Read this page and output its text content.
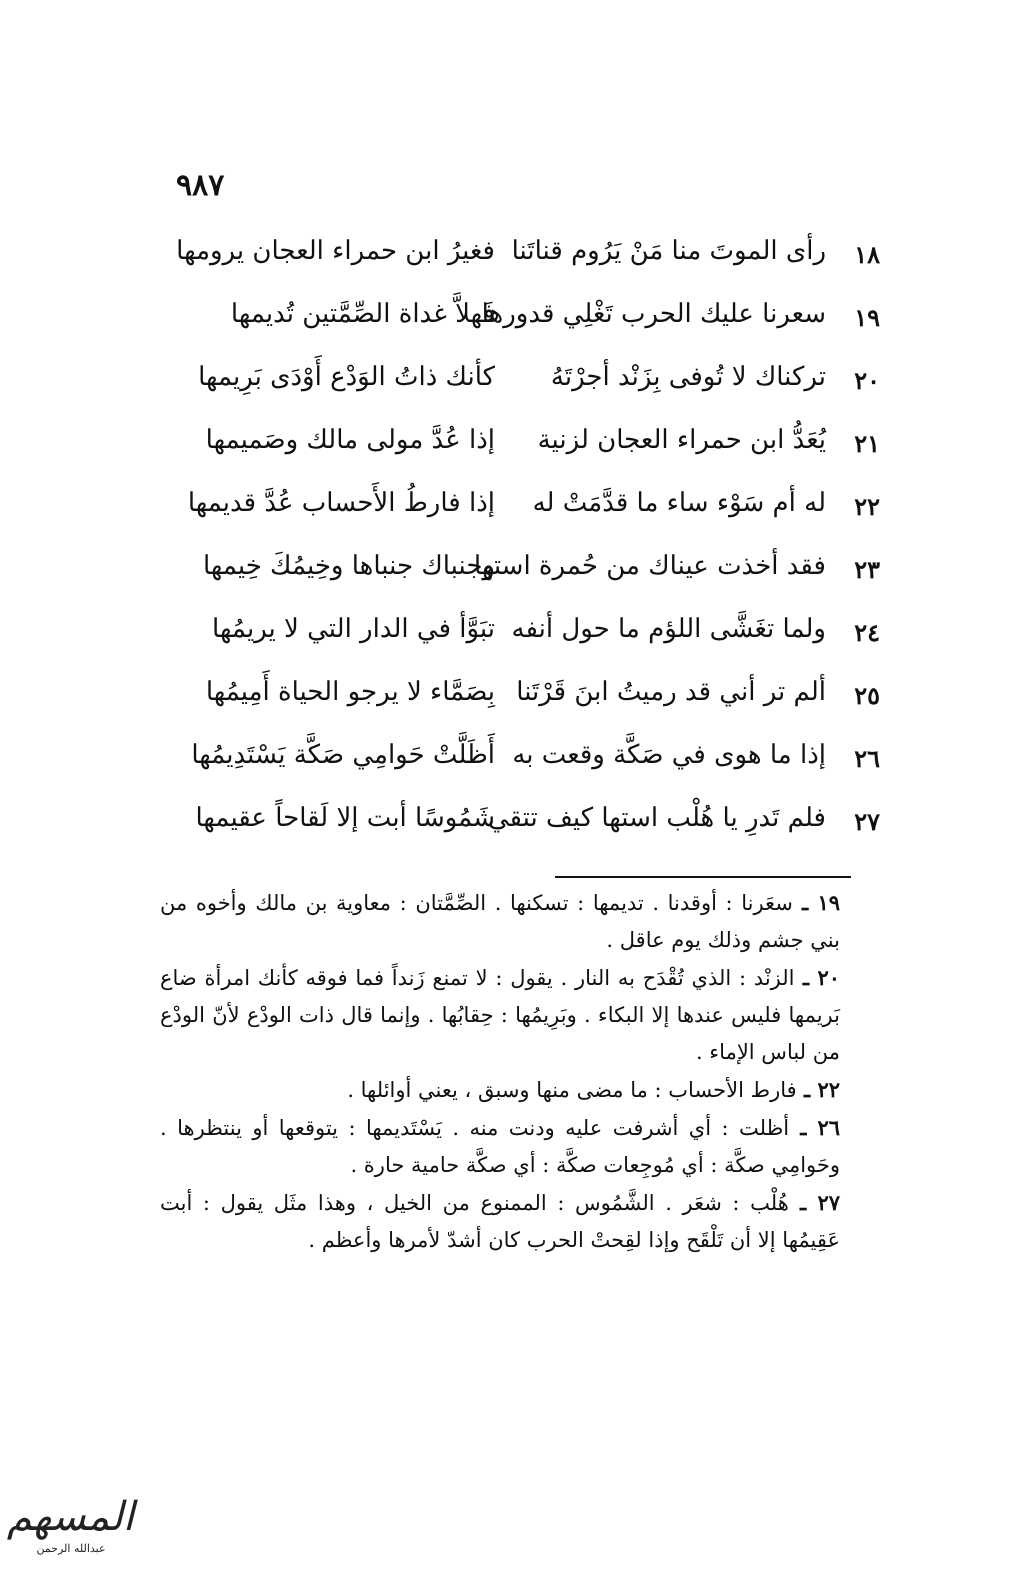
٩٨٧
١٨
رأى الموتَ منا مَنْ يَرُوم قناتَنا
فغيرُ ابن حمراء العجان يرومها
١٩
سعرنا عليك الحرب تَغْلِي قدورها
فَهلاَّ غداة الصِّمَّتين تُديمها
٢٠
تركناك لا تُوفى بِزَنْد أجرْتَهُ
كأنك ذاتُ الوَدْع أَوْدَى بَرِيمها
٢١
يُعَدُّ ابن حمراء العجان لزنية
إذا عُدَّ مولى مالك وصَميمها
٢٢
له أم سَوْء ساء ما قدَّمَتْ له
إذا فارطُ الأَحساب عُدَّ قديمها
٢٣
فقد أخذت عيناك من حُمرة استها
وجنباك جنباها وخِيمُكَ خِيمها
٢٤
ولما تغَشَّى اللؤم ما حول أنفه
تبَوَّأ في الدار التي لا يريمُها
٢٥
ألم تر أني قد رميتُ ابنَ قَرْتَنا
بِصَمَّاء لا يرجو الحياة أَمِيمُها
٢٦
إذا ما هوى في صَكَّة وقعت به
أَظَلَّتْ حَوامِي صَكَّة يَسْتَدِيمُها
٢٧
فلم تَدرِ يا هُلْب استها كيف تتقي
شَمُوسًا أبت إلا لَقاحاً عقيمها

١٩ ـ سعَرنا : أوقدنا . تديمها : تسكنها . الصِّمَّتان : معاوية بن مالك وأخوه من بني جشم وذلك يوم عاقل .

٢٠ ـ الزنْد : الذي تُقْدَح به النار . يقول : لا تمنع زَنداً فما فوقه كأنك امرأة ضاع بَريمها فليس عندها إلا البكاء . وبَرِيمُها : حِقابُها . وإنما قال ذات الودْع لأنّ الودْع من لباس الإماء .

٢٢ ـ فارط الأحساب : ما مضى منها وسبق ، يعني أوائلها .

٢٦ ـ أظلت : أي أشرفت عليه ودنت منه . يَسْتَديمها : يتوقعها أو ينتظرها . وحَوامِي صكَّة : أي مُوجِعات صكَّة : أي صكَّة حامية حارة .

٢٧ ـ هُلْب : شعَر . الشَّمُوس : الممنوع من الخيل ، وهذا مثَل يقول : أبت عَقِيمُها إلا أن تَلْقَح وإذا لقِحتْ الحرب كان أشدّ لأمرها وأعظم .

المسهم
عبدالله الرحمن
